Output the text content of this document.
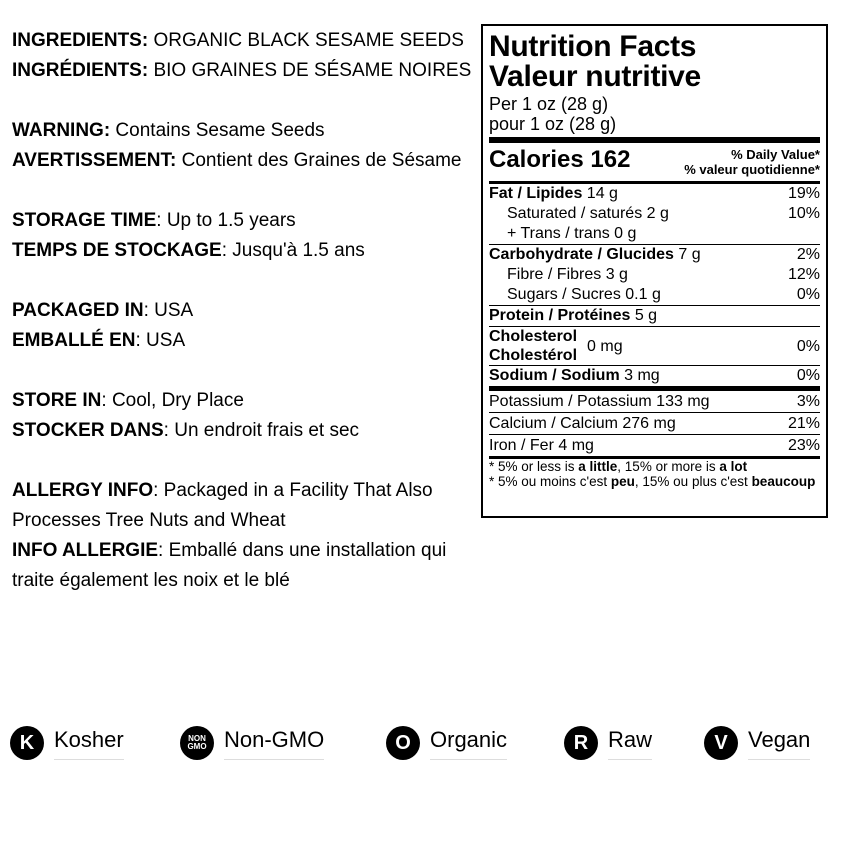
INGREDIENTS: ORGANIC BLACK SESAME SEEDS

INGRÉDIENTS: BIO GRAINES DE SÉSAME NOIRES

WARNING: Contains Sesame Seeds

AVERTISSEMENT: Contient des Graines de Sésame

STORAGE TIME: Up to 1.5 years

TEMPS DE STOCKAGE: Jusqu'à 1.5 ans

PACKAGED IN: USA

EMBALLÉ EN: USA

STORE IN: Cool, Dry Place

STOCKER DANS: Un endroit frais et sec

ALLERGY INFO: Packaged in a Facility That Also Processes Tree Nuts and Wheat

INFO ALLERGIE: Emballé dans une installation qui traite également les noix et le blé

Nutrition Facts
Valeur nutritive
Per 1 oz (28 g)
pour 1 oz (28 g)
Calories 162	% Daily Value*
% valeur quotidienne*
Fat / Lipides 14 g	19%
Saturated / saturés 2 g	10%
+ Trans / trans 0 g
Carbohydrate / Glucides 7 g	2%
Fibre / Fibres 3 g	12%
Sugars / Sucres 0.1 g	0%
Protein / Protéines 5 g
Cholesterol
Cholestérol
0 mg	0%
Sodium / Sodium 3 mg	0%
Potassium / Potassium 133 mg	3%
Calcium / Calcium 276 mg	21%
Iron / Fer 4 mg	23%
* 5% or less is a little, 15% or more is a lot
* 5% ou moins c'est peu, 15% ou plus c'est beaucoup
K Kosher	NON
GMO Non-GMO	O Organic	R Raw	V Vegan
